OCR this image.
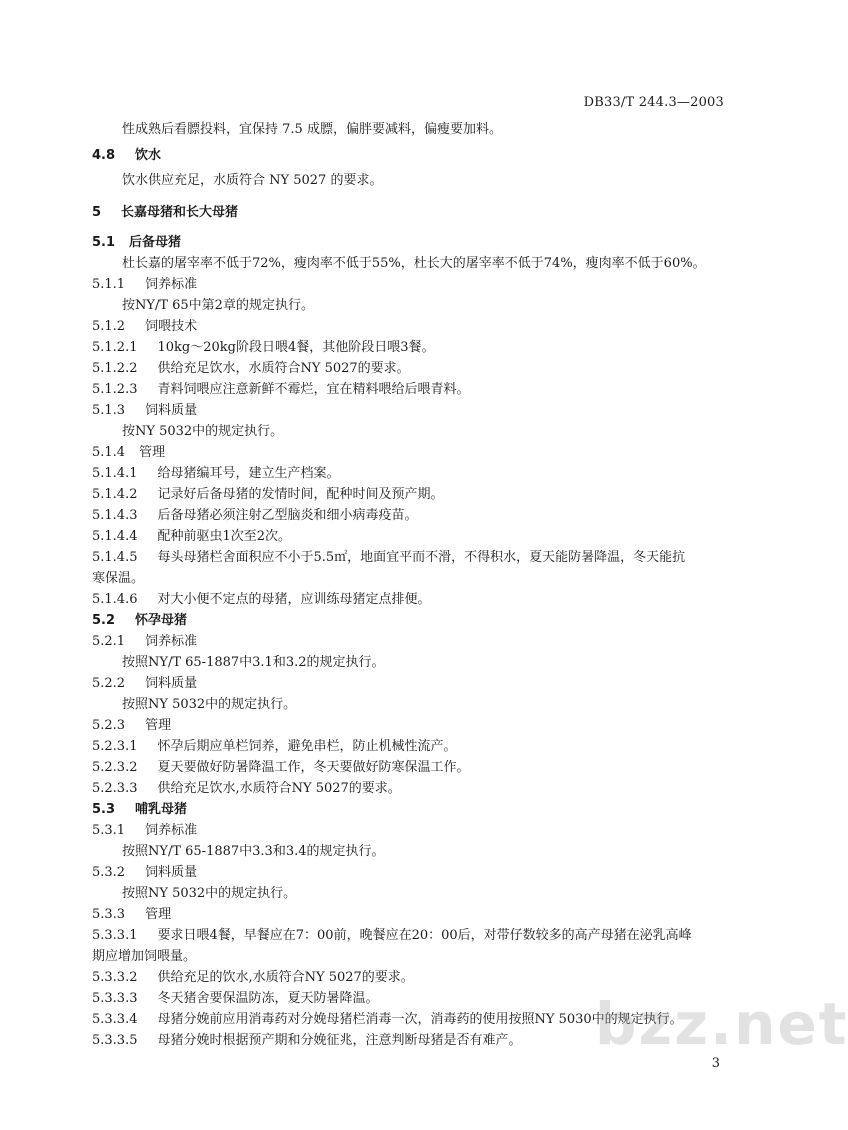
DB33/T 244.3—2003
性成熟后看膘投料，宜保持 7.5 成膘，偏胖要减料，偏瘦要加料。
4.8 饮水
饮水供应充足，水质符合 NY 5027 的要求。
5 长嘉母猪和长大母猪
5.1 后备母猪
杜长嘉的屠宰率不低于72%，瘦肉率不低于55%，杜长大的屠宰率不低于74%，瘦肉率不低于60%。
5.1.1 饲养标准
按NY/T 65中第2章的规定执行。
5.1.2 饲喂技术
5.1.2.1 10kg～20kg阶段日喂4餐，其他阶段日喂3餐。
5.1.2.2 供给充足饮水，水质符合NY 5027的要求。
5.1.2.3 青料饲喂应注意新鲜不霉烂，宜在精料喂给后喂青料。
5.1.3 饲料质量
按NY 5032中的规定执行。
5.1.4 管理
5.1.4.1 给母猪编耳号，建立生产档案。
5.1.4.2 记录好后备母猪的发情时间，配种时间及预产期。
5.1.4.3 后备母猪必须注射乙型脑炎和细小病毒疫苗。
5.1.4.4 配种前驱虫1次至2次。
5.1.4.5 每头母猪栏舍面积应不小于5.5㎡，地面宜平而不滑，不得积水，夏天能防暑降温，冬天能抗
寒保温。
5.1.4.6 对大小便不定点的母猪，应训练母猪定点排便。
5.2 怀孕母猪
5.2.1 饲养标准
按照NY/T 65-1887中3.1和3.2的规定执行。
5.2.2 饲料质量
按照NY 5032中的规定执行。
5.2.3 管理
5.2.3.1 怀孕后期应单栏饲养，避免串栏，防止机械性流产。
5.2.3.2 夏天要做好防暑降温工作，冬天要做好防寒保温工作。
5.2.3.3 供给充足饮水,水质符合NY 5027的要求。
5.3 哺乳母猪
5.3.1 饲养标准
按照NY/T 65-1887中3.3和3.4的规定执行。
5.3.2 饲料质量
按照NY 5032中的规定执行。
5.3.3 管理
5.3.3.1 要求日喂4餐，早餐应在7：00前，晚餐应在20：00后，对带仔数较多的高产母猪在泌乳高峰
期应增加饲喂量。
5.3.3.2 供给充足的饮水,水质符合NY 5027的要求。
5.3.3.3 冬天猪舍要保温防冻，夏天防暑降温。
5.3.3.4 母猪分娩前应用消毒药对分娩母猪栏消毒一次，消毒药的使用按照NY 5030中的规定执行。
5.3.3.5 母猪分娩时根据预产期和分娩征兆，注意判断母猪是否有难产。 bzz.net
3
